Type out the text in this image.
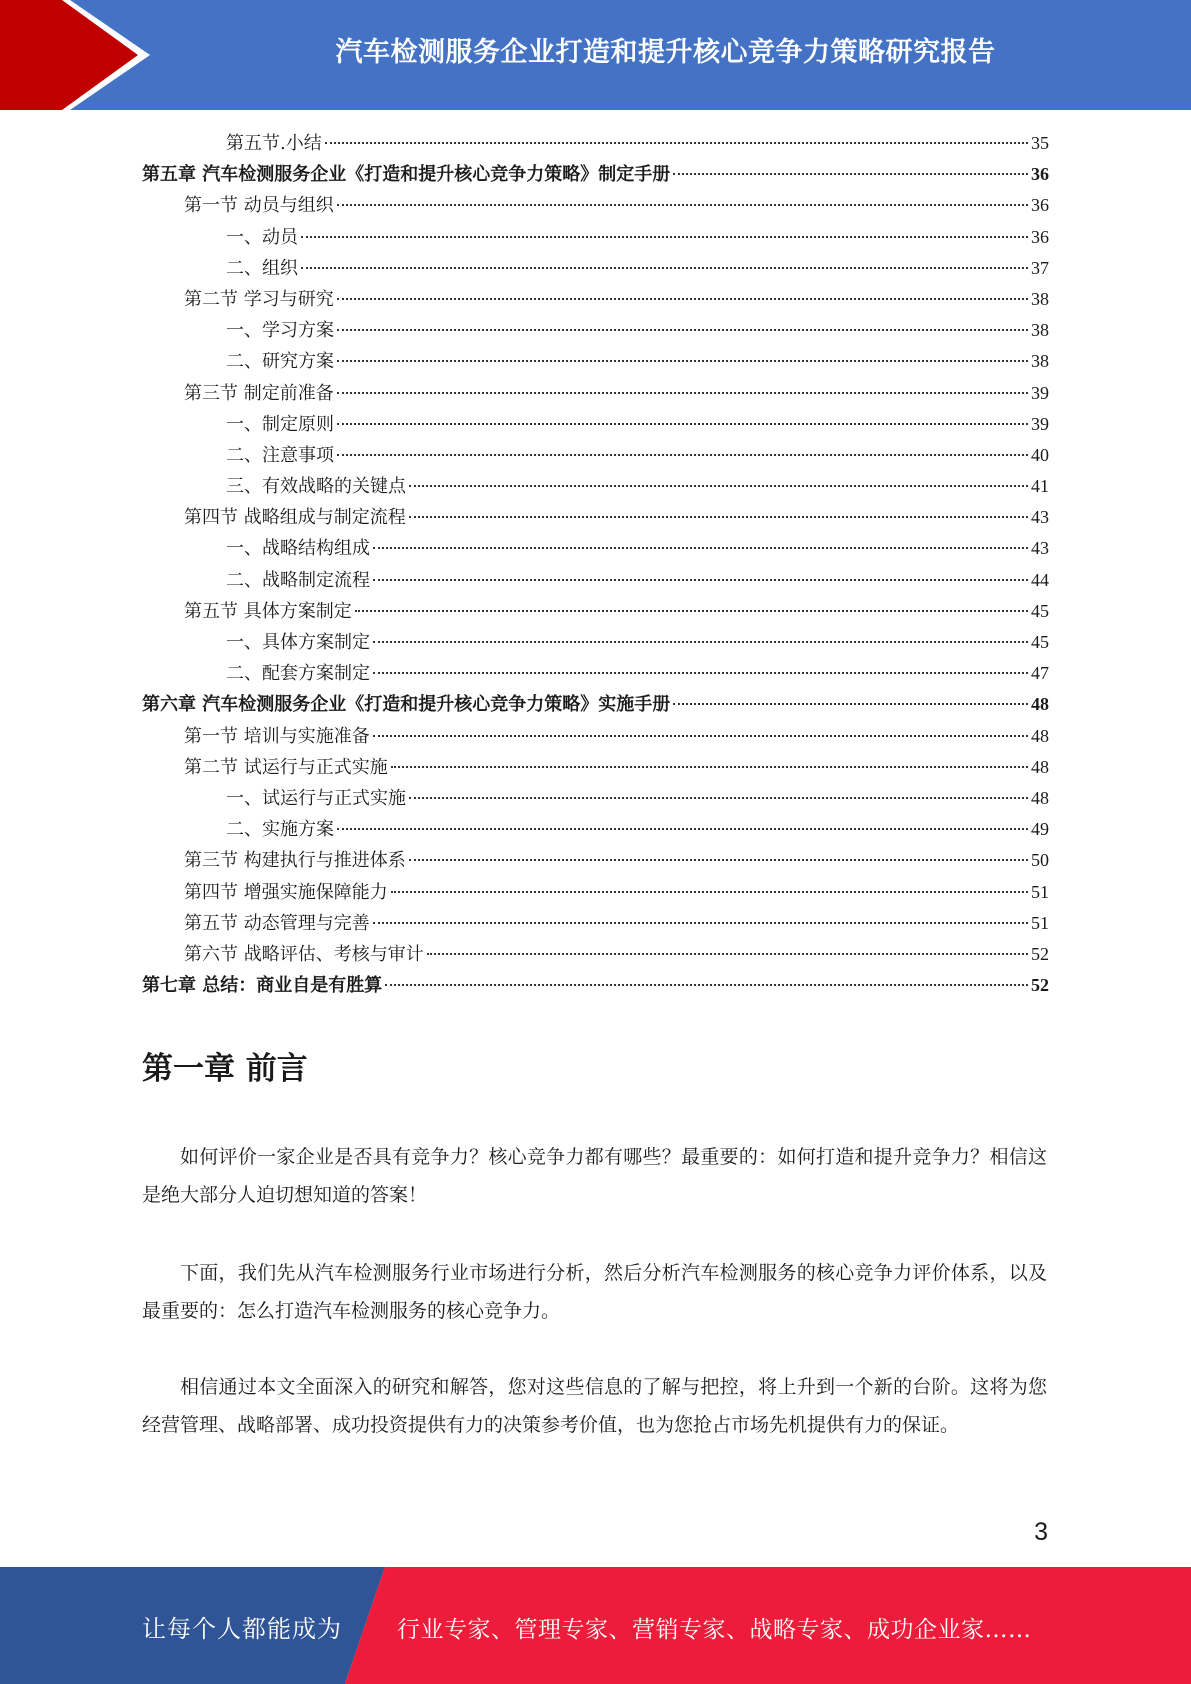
汽车检测服务企业打造和提升核心竞争力策略研究报告
第五节.小结	35
第五章 汽车检测服务企业《打造和提升核心竞争力策略》制定手册	36
第一节 动员与组织	36
一、动员	36
二、组织	37
第二节 学习与研究	38
一、学习方案	38
二、研究方案	38
第三节 制定前准备	39
一、制定原则	39
二、注意事项	40
三、有效战略的关键点	41
第四节 战略组成与制定流程	43
一、战略结构组成	43
二、战略制定流程	44
第五节 具体方案制定	45
一、具体方案制定	45
二、配套方案制定	47
第六章 汽车检测服务企业《打造和提升核心竞争力策略》实施手册	48
第一节 培训与实施准备	48
第二节 试运行与正式实施	48
一、试运行与正式实施	48
二、实施方案	49
第三节 构建执行与推进体系	50
第四节 增强实施保障能力	51
第五节 动态管理与完善	51
第六节 战略评估、考核与审计	52
第七章 总结：商业自是有胜算	52
第一章 前言

如何评价一家企业是否具有竞争力？核心竞争力都有哪些？最重要的：如何打造和提升竞争力？相信这是绝大部分人迫切想知道的答案！

下面，我们先从汽车检测服务行业市场进行分析，然后分析汽车检测服务的核心竞争力评价体系，以及最重要的：怎么打造汽车检测服务的核心竞争力。

相信通过本文全面深入的研究和解答，您对这些信息的了解与把控，将上升到一个新的台阶。这将为您经营管理、战略部署、成功投资提供有力的决策参考价值，也为您抢占市场先机提供有力的保证。

3
让每个人都能成为 行业专家、管理专家、营销专家、战略专家、成功企业家……
